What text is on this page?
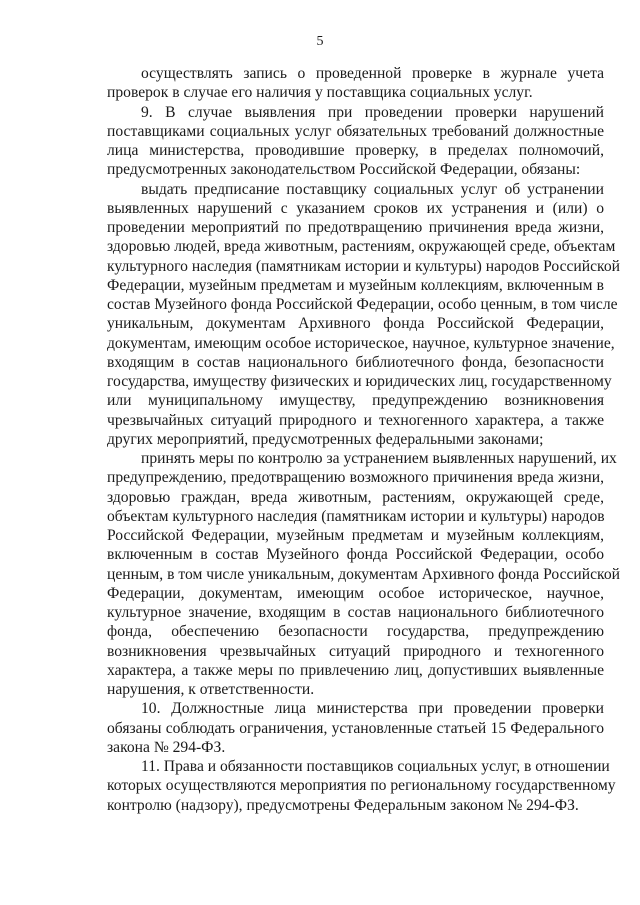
5
осуществлять запись о проведенной проверке в журнале учета
проверок в случае его наличия у поставщика социальных услуг.
9. В случае выявления при проведении проверки нарушений
поставщиками социальных услуг обязательных требований должностные
лица министерства, проводившие проверку, в пределах полномочий,
предусмотренных законодательством Российской Федерации, обязаны:
выдать предписание поставщику социальных услуг об устранении
выявленных нарушений с указанием сроков их устранения и (или) о
проведении мероприятий по предотвращению причинения вреда жизни,
здоровью людей, вреда животным, растениям, окружающей среде, объектам
культурного наследия (памятникам истории и культуры) народов Российской
Федерации, музейным предметам и музейным коллекциям, включенным в
состав Музейного фонда Российской Федерации, особо ценным, в том числе
уникальным, документам Архивного фонда Российской Федерации,
документам, имеющим особое историческое, научное, культурное значение,
входящим в состав национального библиотечного фонда, безопасности
государства, имуществу физических и юридических лиц, государственному
или муниципальному имуществу, предупреждению возникновения
чрезвычайных ситуаций природного и техногенного характера, а также
других мероприятий, предусмотренных федеральными законами;
принять меры по контролю за устранением выявленных нарушений, их
предупреждению, предотвращению возможного причинения вреда жизни,
здоровью граждан, вреда животным, растениям, окружающей среде,
объектам культурного наследия (памятникам истории и культуры) народов
Российской Федерации, музейным предметам и музейным коллекциям,
включенным в состав Музейного фонда Российской Федерации, особо
ценным, в том числе уникальным, документам Архивного фонда Российской
Федерации, документам, имеющим особое историческое, научное,
культурное значение, входящим в состав национального библиотечного
фонда, обеспечению безопасности государства, предупреждению
возникновения чрезвычайных ситуаций природного и техногенного
характера, а также меры по привлечению лиц, допустивших выявленные
нарушения, к ответственности.
10. Должностные лица министерства при проведении проверки
обязаны соблюдать ограничения, установленные статьей 15 Федерального
закона № 294-ФЗ.
11. Права и обязанности поставщиков социальных услуг, в отношении
которых осуществляются мероприятия по региональному государственному
контролю (надзору), предусмотрены Федеральным законом № 294-ФЗ.
